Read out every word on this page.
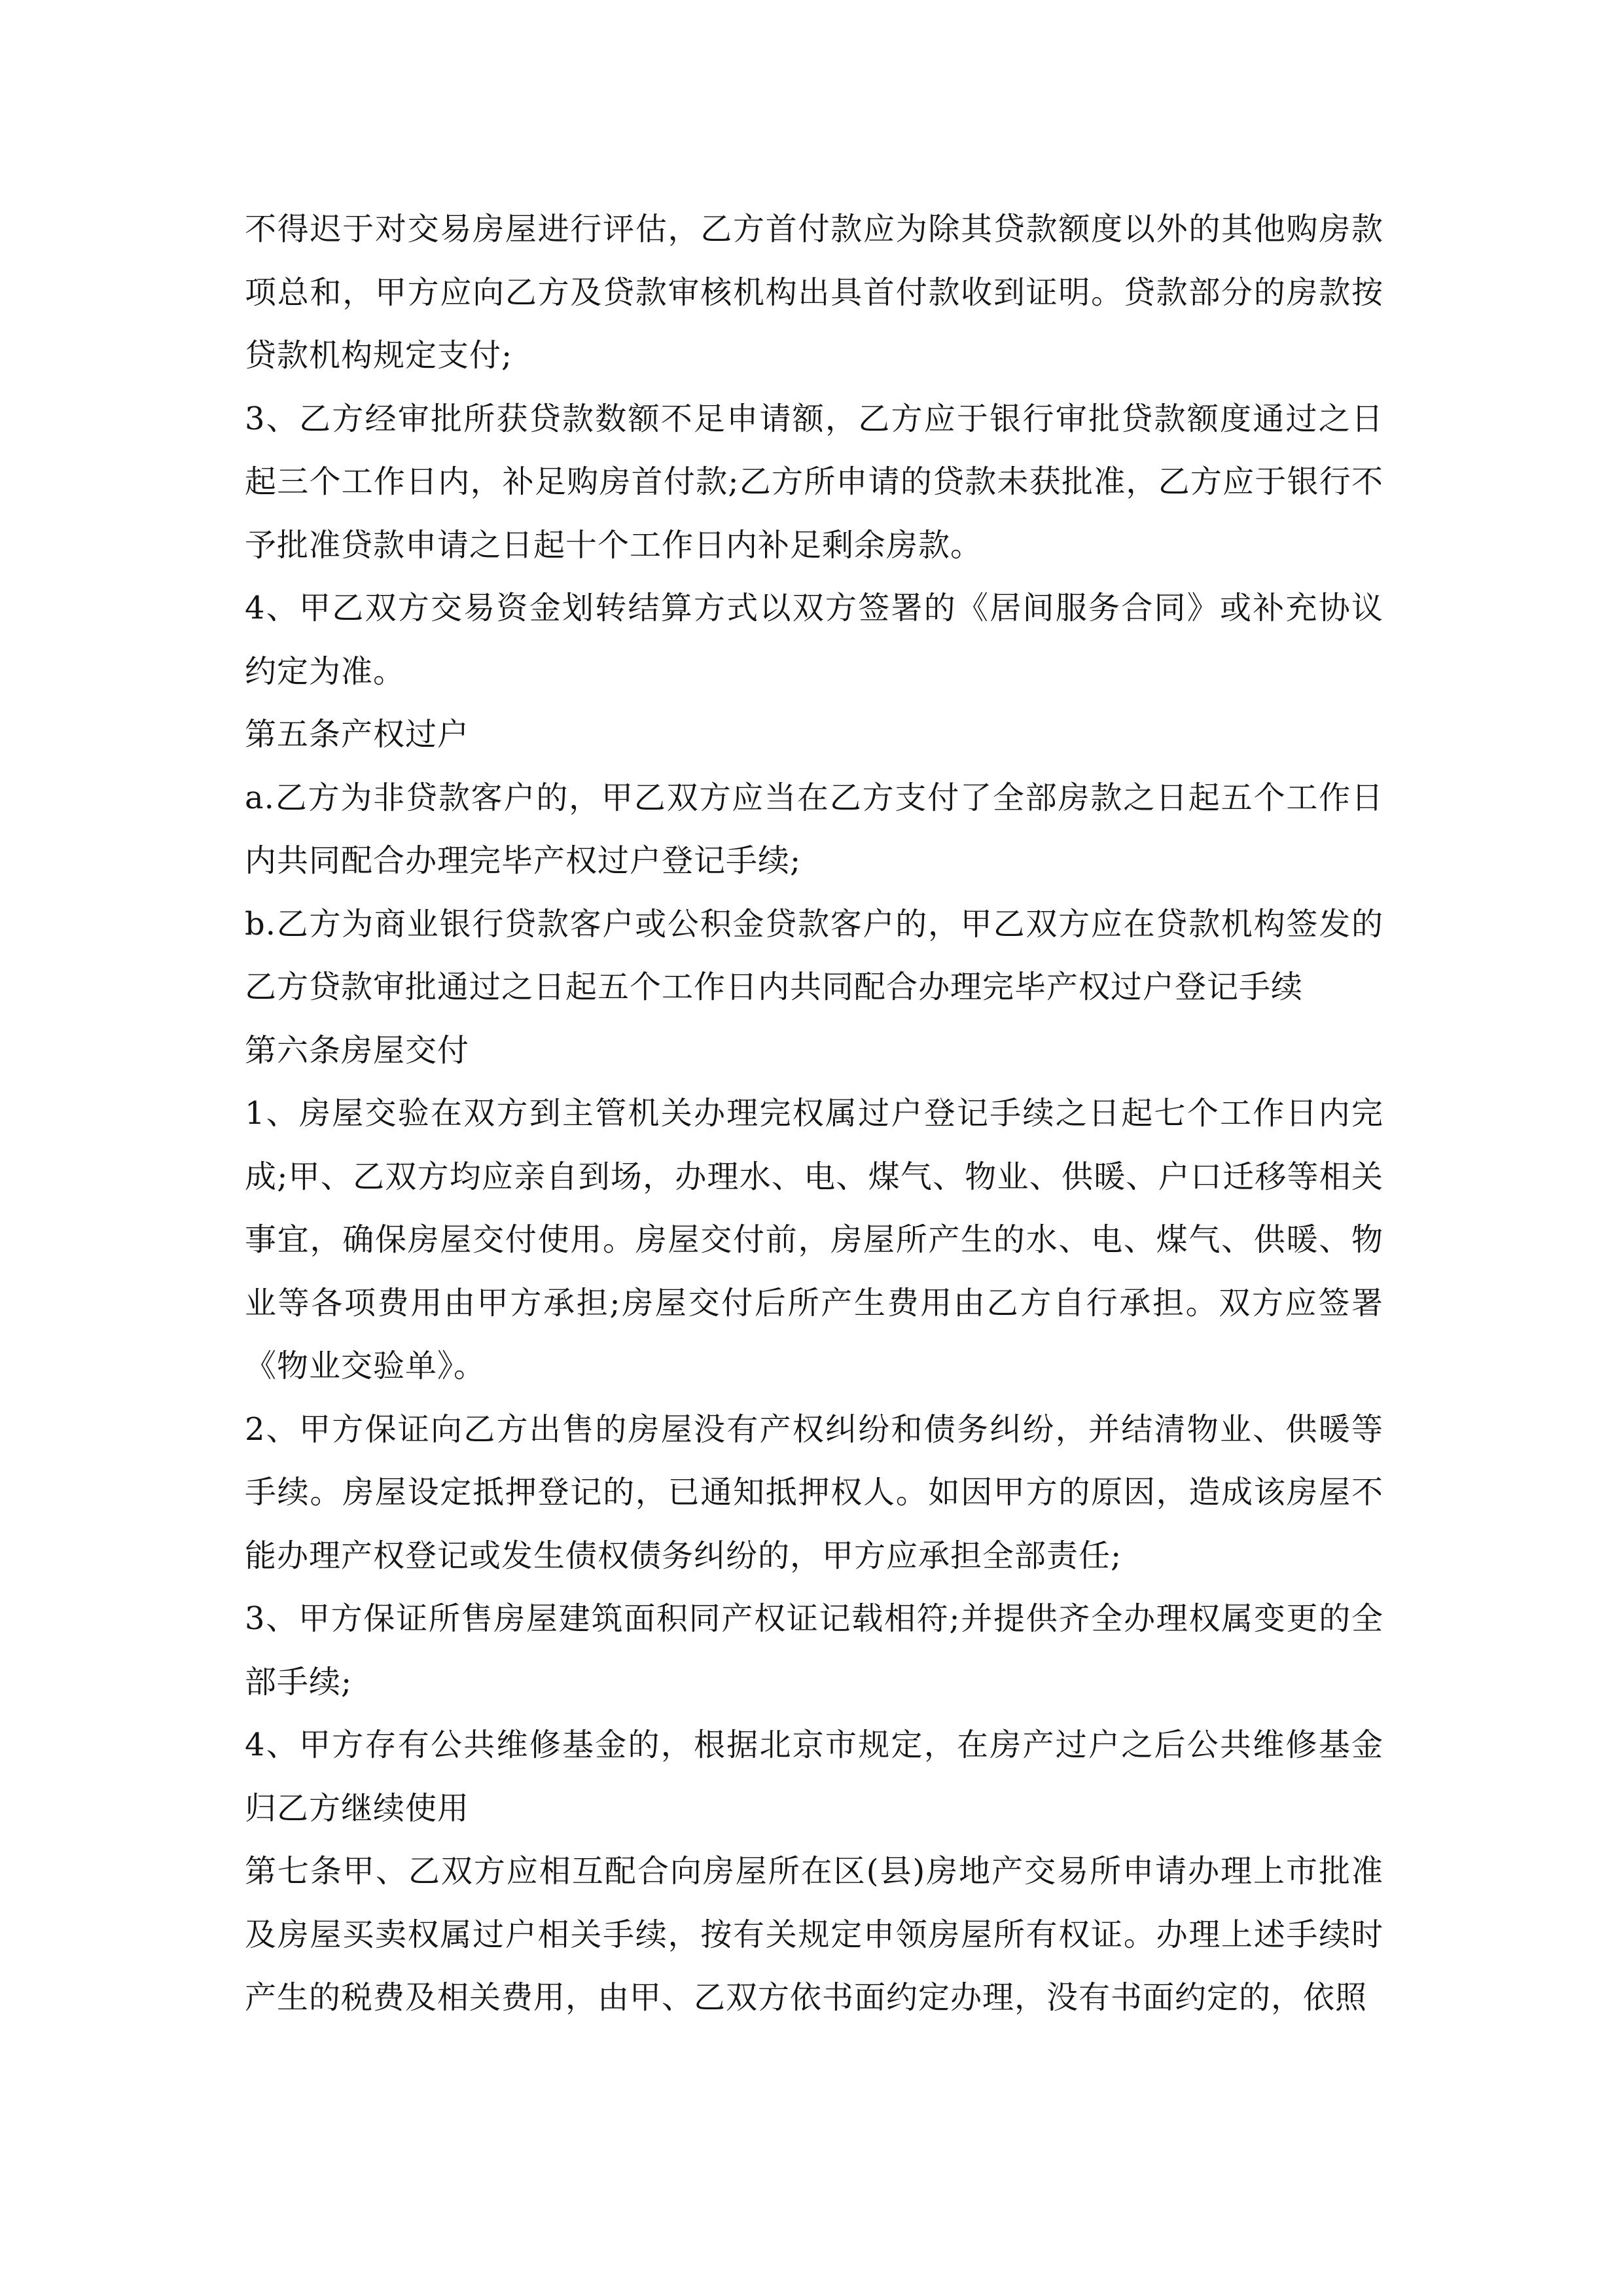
不得迟于对交易房屋进行评估，乙方首付款应为除其贷款额度以外的其他购房款项总和，甲方应向乙方及贷款审核机构出具首付款收到证明。贷款部分的房款按贷款机构规定支付;

3、乙方经审批所获贷款数额不足申请额，乙方应于银行审批贷款额度通过之日起三个工作日内，补足购房首付款;乙方所申请的贷款未获批准，乙方应于银行不予批准贷款申请之日起十个工作日内补足剩余房款。

4、甲乙双方交易资金划转结算方式以双方签署的《居间服务合同》或补充协议约定为准。

第五条产权过户

a.乙方为非贷款客户的，甲乙双方应当在乙方支付了全部房款之日起五个工作日内共同配合办理完毕产权过户登记手续;

b.乙方为商业银行贷款客户或公积金贷款客户的，甲乙双方应在贷款机构签发的乙方贷款审批通过之日起五个工作日内共同配合办理完毕产权过户登记手续

第六条房屋交付

1、房屋交验在双方到主管机关办理完权属过户登记手续之日起七个工作日内完成;甲、乙双方均应亲自到场，办理水、电、煤气、物业、供暖、户口迁移等相关事宜，确保房屋交付使用。房屋交付前，房屋所产生的水、电、煤气、供暖、物业等各项费用由甲方承担;房屋交付后所产生费用由乙方自行承担。双方应签署《物业交验单》。

2、甲方保证向乙方出售的房屋没有产权纠纷和债务纠纷，并结清物业、供暖等手续。房屋设定抵押登记的，已通知抵押权人。如因甲方的原因，造成该房屋不能办理产权登记或发生债权债务纠纷的，甲方应承担全部责任;

3、甲方保证所售房屋建筑面积同产权证记载相符;并提供齐全办理权属变更的全部手续;

4、甲方存有公共维修基金的，根据北京市规定，在房产过户之后公共维修基金归乙方继续使用

第七条甲、乙双方应相互配合向房屋所在区(县)房地产交易所申请办理上市批准及房屋买卖权属过户相关手续，按有关规定申领房屋所有权证。办理上述手续时产生的税费及相关费用，由甲、乙双方依书面约定办理，没有书面约定的，依照
